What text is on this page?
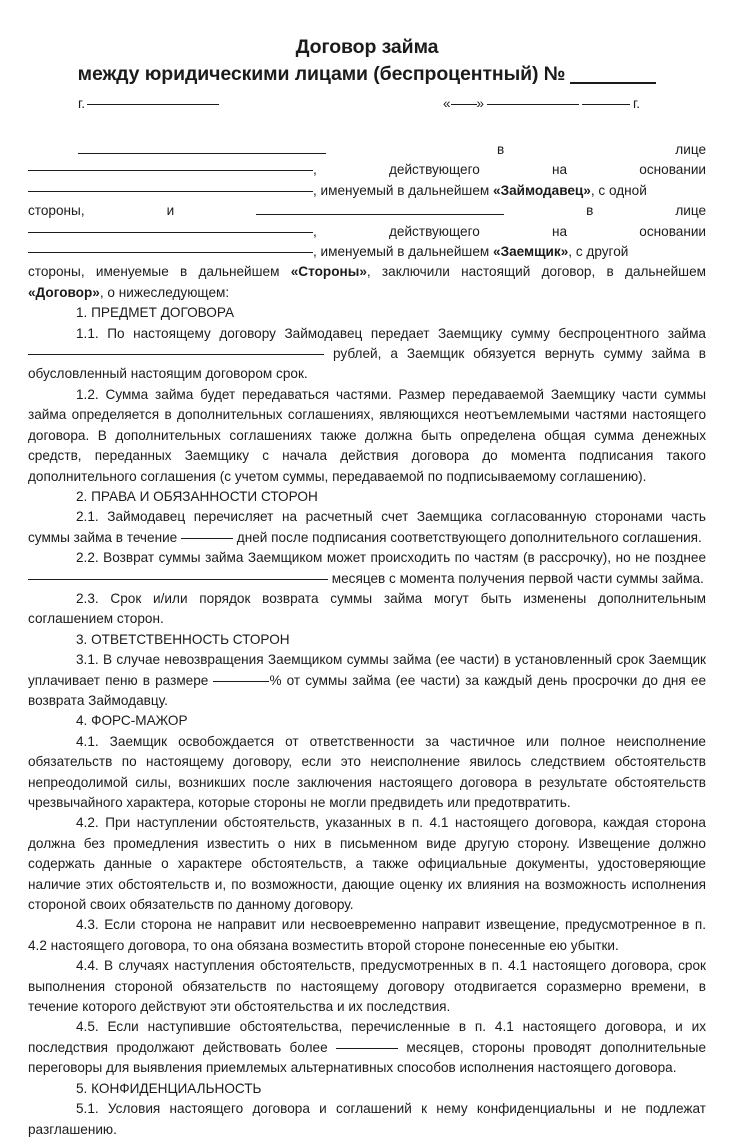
Договор займа
между юридическими лицами (беспроцентный) №
г.	« »	г.
в	лице
,	действующего	на	основании
, именуемый в дальнейшем «Займодавец», с одной
стороны,	и	в	лице
,	действующего	на	основании
, именуемый в дальнейшем «Заемщик», с другой

стороны, именуемые в дальнейшем «Стороны», заключили настоящий договор, в дальнейшем «Договор», о нижеследующем:

1. ПРЕДМЕТ ДОГОВОРА

1.1. По настоящему договору Займодавец передает Заемщику сумму беспроцентного займа  рублей, а Заемщик обязуется вернуть сумму займа в обусловленный настоящим договором срок.

1.2. Сумма займа будет передаваться частями. Размер передаваемой Заемщику части суммы займа определяется в дополнительных соглашениях, являющихся неотъемлемыми частями настоящего договора. В дополнительных соглашениях также должна быть определена общая сумма денежных средств, переданных Заемщику с начала действия договора до момента подписания такого дополнительного соглашения (с учетом суммы, передаваемой по подписываемому соглашению).

2. ПРАВА И ОБЯЗАННОСТИ СТОРОН

2.1. Займодавец перечисляет на расчетный счет Заемщика согласованную сторонами часть суммы займа в течение	дней после подписания соответствующего дополнительного соглашения.

2.2. Возврат суммы займа Заемщиком может происходить по частям (в рассрочку), но не позднее  месяцев с момента получения первой части суммы займа.

2.3. Срок и/или порядок возврата суммы займа могут быть изменены дополнительным соглашением сторон.

3. ОТВЕТСТВЕННОСТЬ СТОРОН

3.1. В случае невозвращения Заемщиком суммы займа (ее части) в установленный срок Заемщик уплачивает пеню в размере	% от суммы займа (ее части) за каждый день просрочки до дня ее возврата Займодавцу.

4. ФОРС-МАЖОР

4.1. Заемщик освобождается от ответственности за частичное или полное неисполнение обязательств по настоящему договору, если это неисполнение явилось следствием обстоятельств непреодолимой силы, возникших после заключения настоящего договора в результате обстоятельств чрезвычайного характера, которые стороны не могли предвидеть или предотвратить.

4.2. При наступлении обстоятельств, указанных в п. 4.1 настоящего договора, каждая сторона должна без промедления известить о них в письменном виде другую сторону. Извещение должно содержать данные о характере обстоятельств, а также официальные документы, удостоверяющие наличие этих обстоятельств и, по возможности, дающие оценку их влияния на возможность исполнения стороной своих обязательств по данному договору.

4.3. Если сторона не направит или несвоевременно направит извещение, предусмотренное в п. 4.2 настоящего договора, то она обязана возместить второй стороне понесенные ею убытки.

4.4. В случаях наступления обстоятельств, предусмотренных в п. 4.1 настоящего договора, срок выполнения стороной обязательств по настоящему договору отодвигается соразмерно времени, в течение которого действуют эти обстоятельства и их последствия.

4.5. Если наступившие обстоятельства, перечисленные в п. 4.1 настоящего договора, и их последствия продолжают действовать более	месяцев, стороны проводят дополнительные переговоры для выявления приемлемых альтернативных способов исполнения настоящего договора.

5. КОНФИДЕНЦИАЛЬНОСТЬ

5.1. Условия настоящего договора и соглашений к нему конфиденциальны и не подлежат разглашению.
